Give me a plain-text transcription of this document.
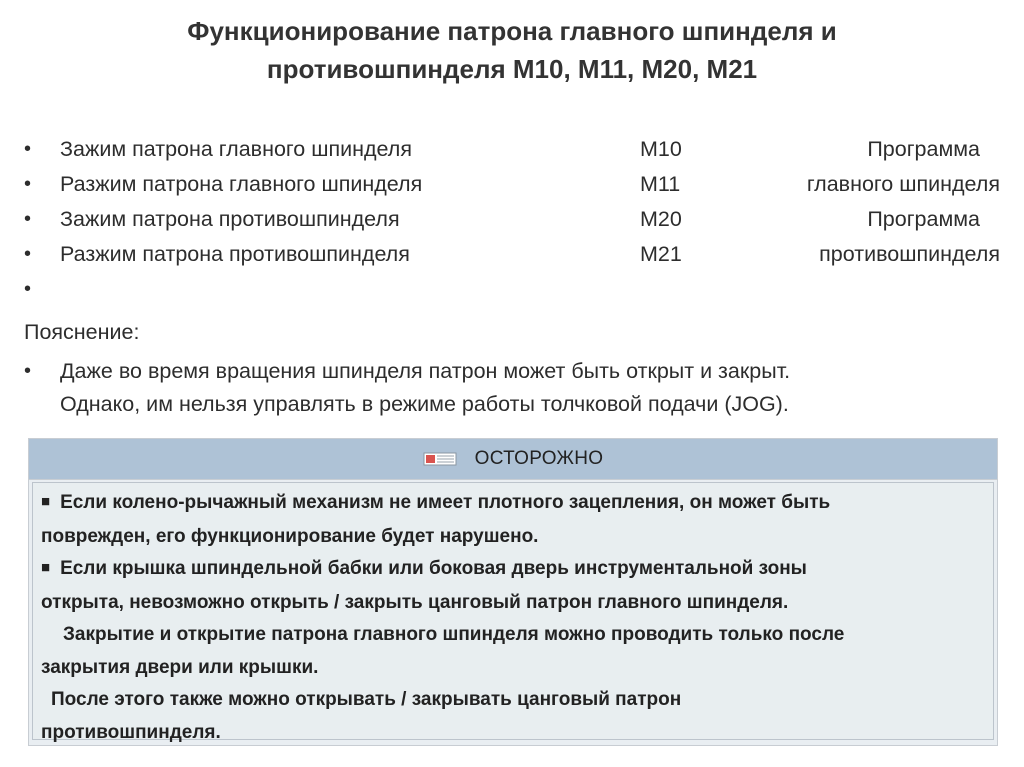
Функционирование патрона главного шпинделя и
противошпинделя М10, М11, М20, М21
• Зажим патрона главного шпинделя	М10	Программа
• Разжим патрона главного шпинделя	М11	главного шпинделя
• Зажим патрона противошпинделя	М20	Программа
• Разжим патрона противошпинделя	М21	противошпинделя
•
Пояснение:
• Даже во время вращения шпинделя патрон может быть открыт и закрыт.
Однако, им нельзя управлять в режиме работы толчковой подачи (JOG).
ОСТОРОЖНО
■ Если колено-рычажный механизм не имеет плотного зацепления, он может быть
поврежден, его функционирование будет нарушено.
■ Если крышка шпиндельной бабки или боковая дверь инструментальной зоны
открыта, невозможно открыть / закрыть цанговый патрон главного шпинделя.
Закрытие и открытие патрона главного шпинделя можно проводить только после
закрытия двери или крышки.
После этого также можно открывать / закрывать цанговый патрон
противошпинделя.
